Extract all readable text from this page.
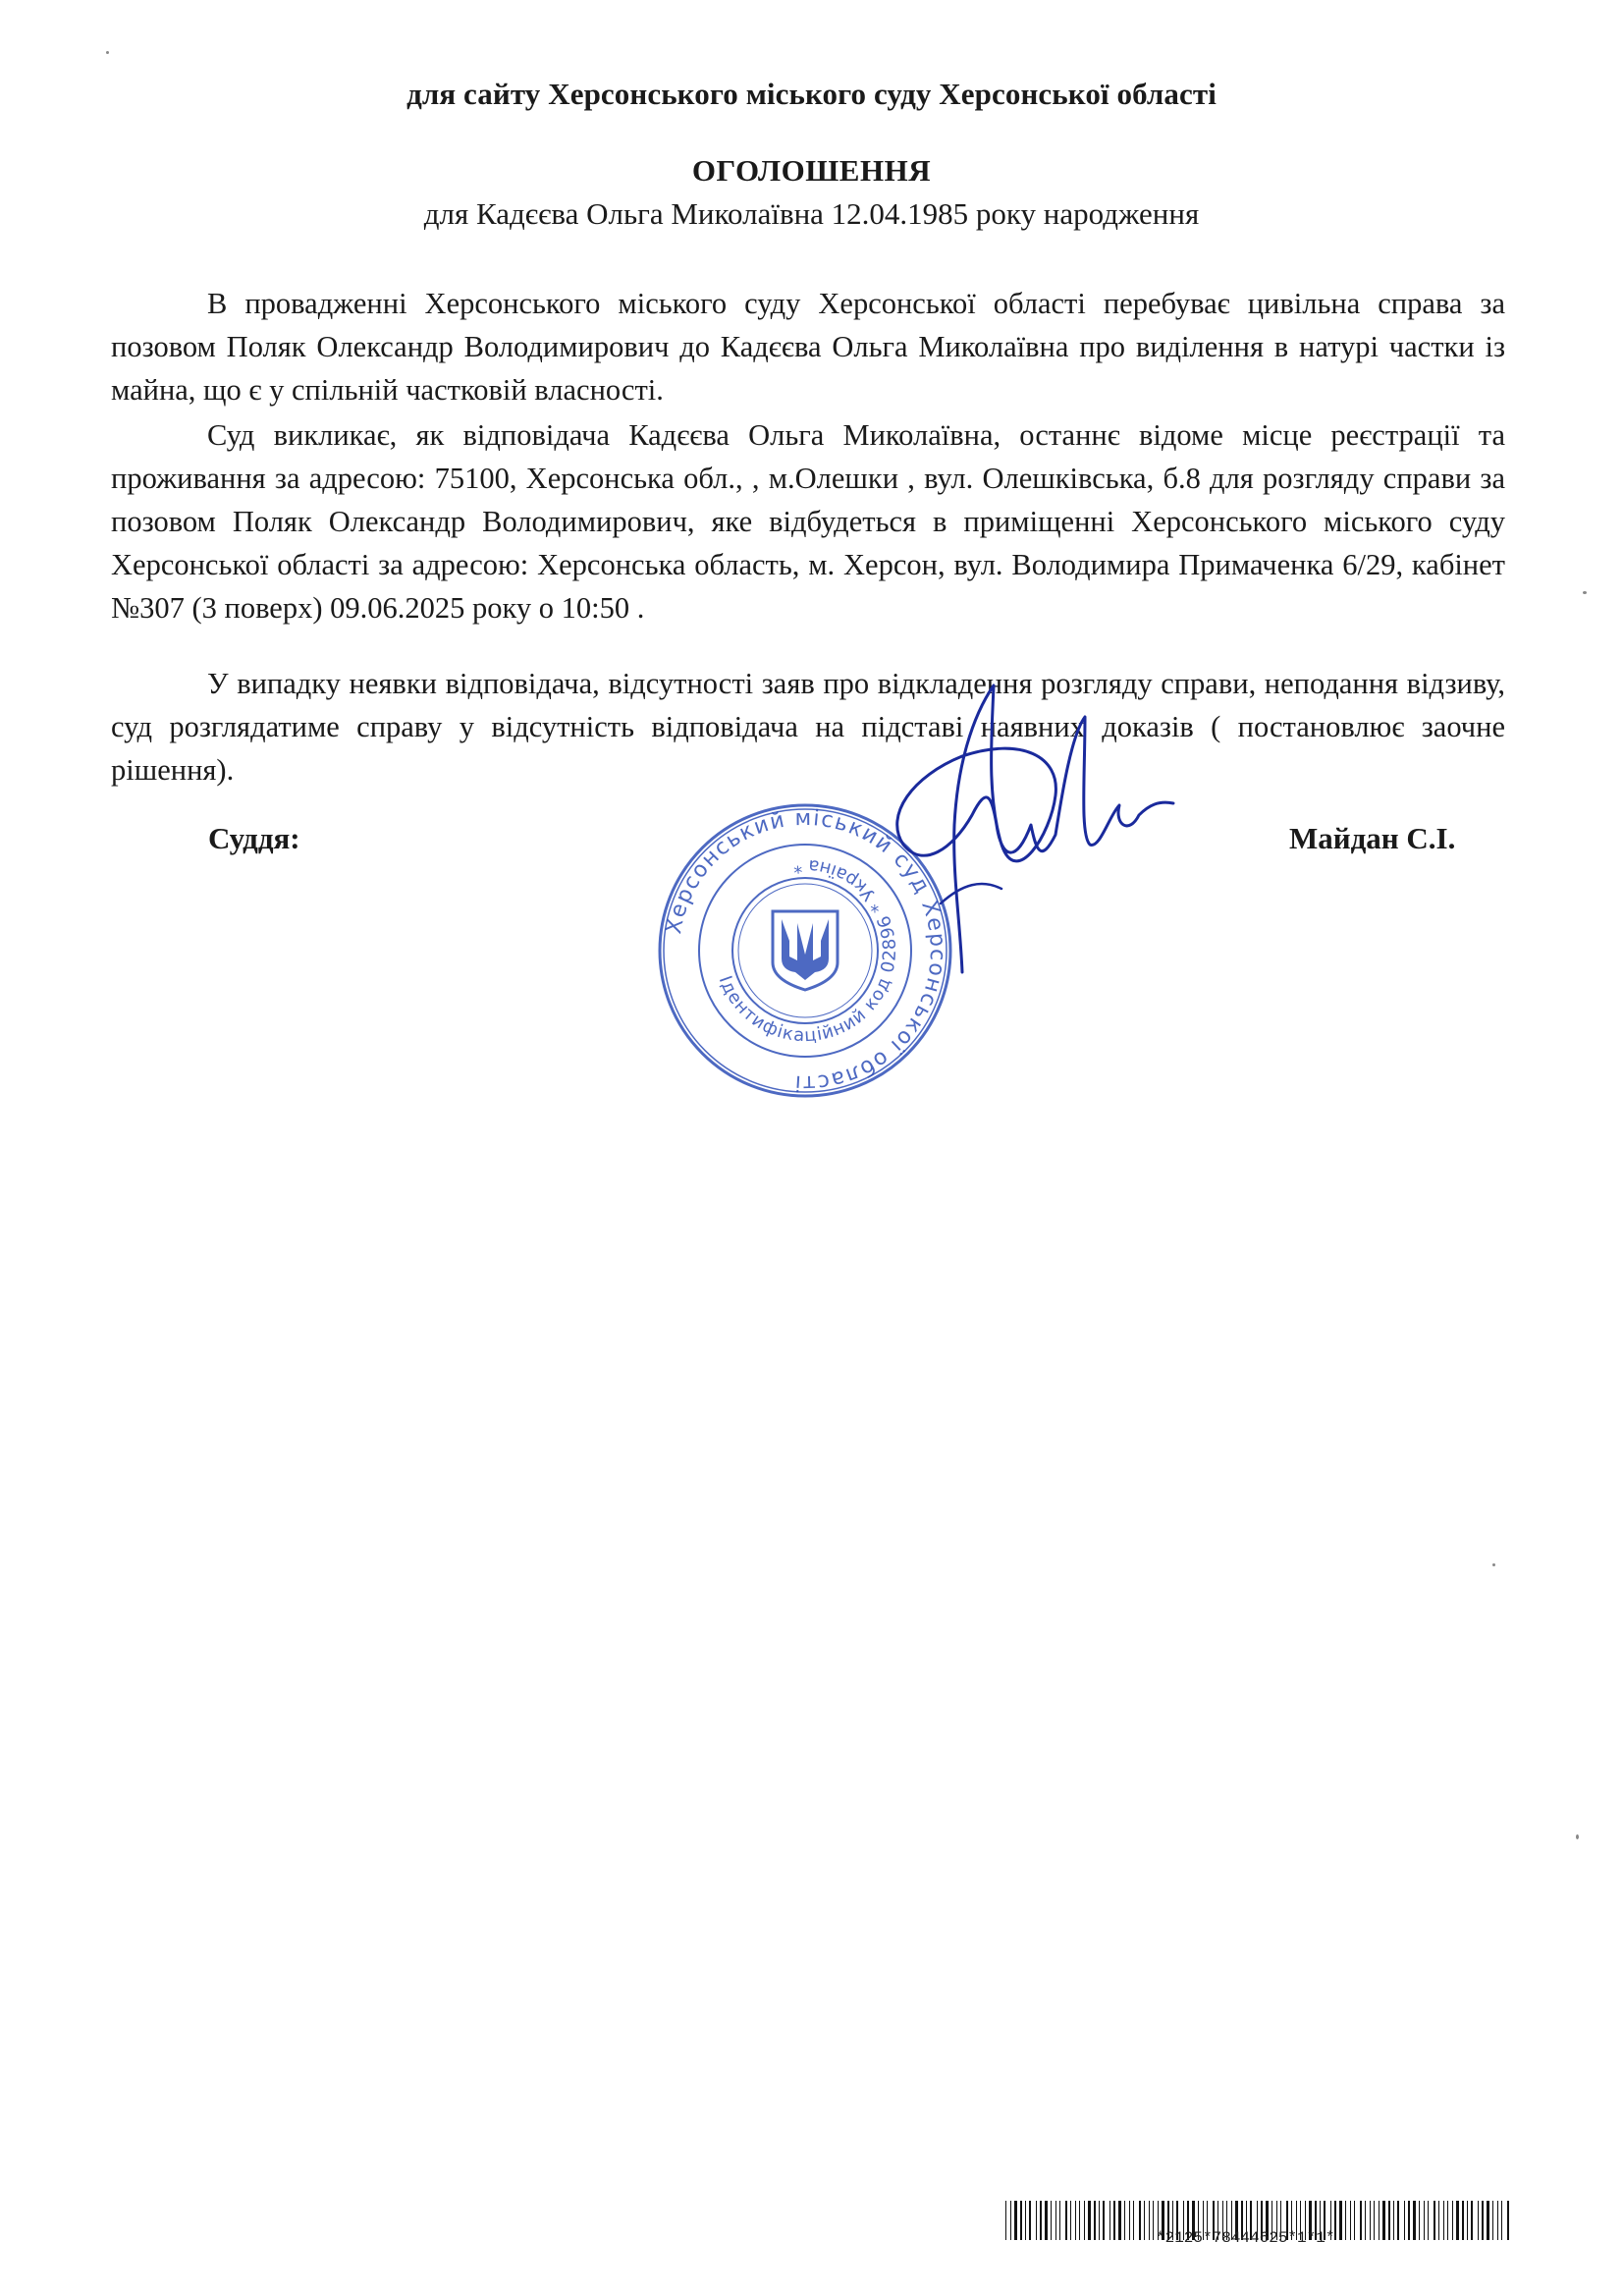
для сайту Херсонського міського суду Херсонської області
ОГОЛОШЕННЯ
для Кадєєва Ольга Миколаївна 12.04.1985 року народження
В провадженні Херсонського міського суду Херсонської області перебуває цивільна справа за позовом Поляк Олександр Володимирович до Кадєєва Ольга Миколаївна про виділення в натурі частки із майна, що є у спільній частковій власності.
Суд викликає, як відповідача Кадєєва Ольга Миколаївна, останнє відоме місце реєстрації та проживання за адресою: 75100, Херсонська обл., , м.Олешки , вул. Олешківська, б.8 для розгляду справи за позовом Поляк Олександр Володимирович, яке відбудеться в приміщенні Херсонського міського суду Херсонської області за адресою: Херсонська область, м. Херсон, вул. Володимира Примаченка 6/29, кабінет №307 (3 поверх) 09.06.2025 року о 10:50 .
У випадку неявки відповідача, відсутності заяв про відкладення розгляду справи, неподання відзиву, суд розглядатиме справу у відсутність відповідача на підставі наявних доказів ( постановлює заочне рішення).
Суддя:	Майдан С.І.
Херсонський міський суд Херсонської області
Ідентифікаційний код 02896 * Україна *
*2125*78444625*1*1*
